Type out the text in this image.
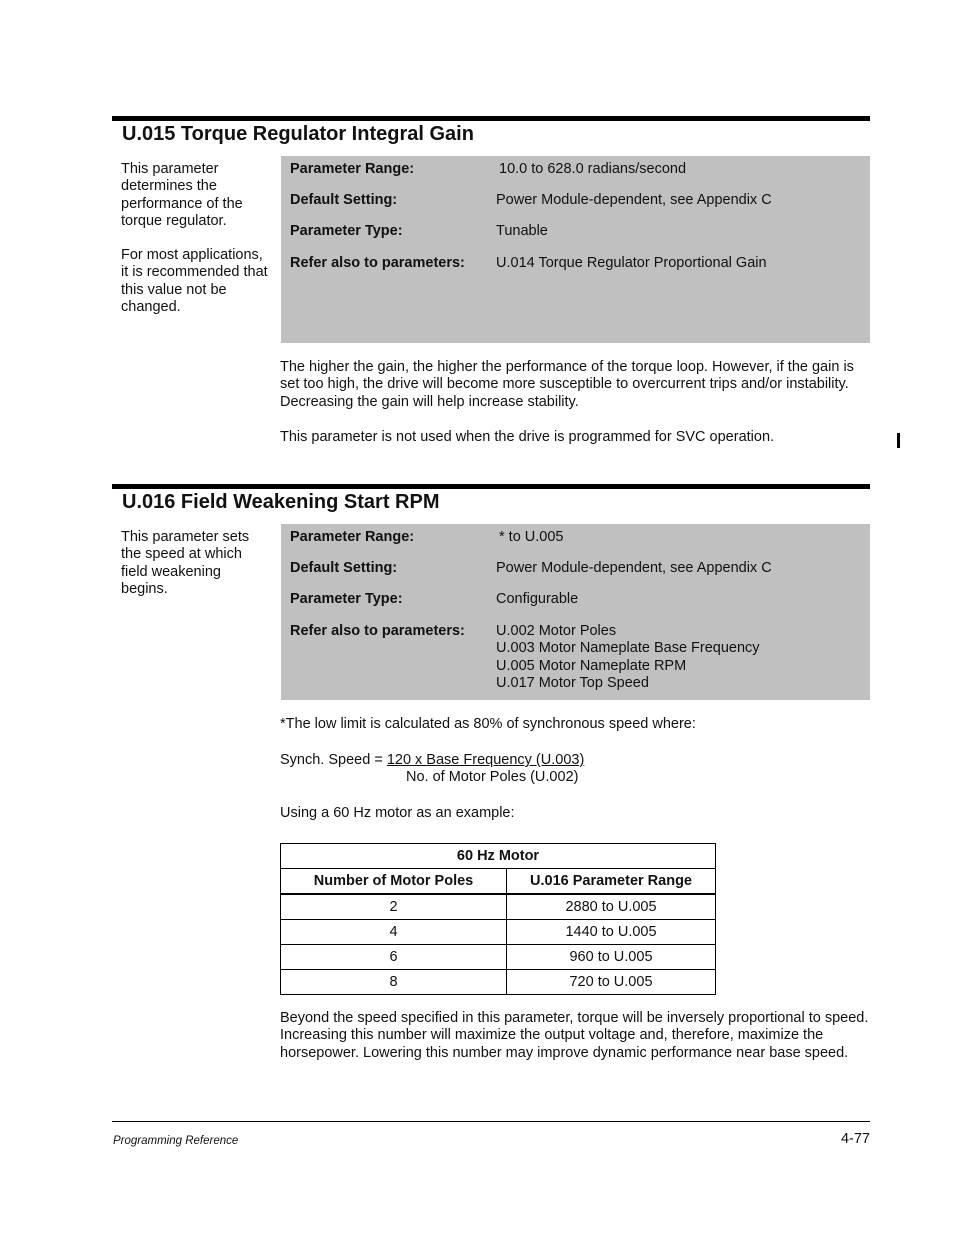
U.015 Torque Regulator Integral Gain

This parameter determines the performance of the torque regulator.

For most applications, it is recommended that this value not be changed.

Parameter Range:	10.0 to 628.0 radians/second
Default Setting:	Power Module-dependent, see Appendix C
Parameter Type:	Tunable
Refer also to parameters:	U.014 Torque Regulator Proportional Gain

The higher the gain, the higher the performance of the torque loop. However, if the gain is set too high, the drive will become more susceptible to overcurrent trips and/or instability. Decreasing the gain will help increase stability.

This parameter is not used when the drive is programmed for SVC operation.

U.016 Field Weakening Start RPM

This parameter sets the speed at which field weakening begins.

Parameter Range:	* to U.005
Default Setting:	Power Module-dependent, see Appendix C
Parameter Type:	Configurable
Refer also to parameters:	U.002 Motor Poles
U.003 Motor Nameplate Base Frequency
U.005 Motor Nameplate RPM
U.017 Motor Top Speed

*The low limit is calculated as 80% of synchronous speed where:

Synch. Speed = 120 x Base Frequency (U.003)
No. of Motor Poles (U.002)

Using a 60 Hz motor as an example:

60 Hz Motor	
Number of Motor Poles	U.016 Parameter Range
2	2880 to U.005
4	1440 to U.005
6	960 to U.005
8	720 to U.005

Beyond the speed specified in this parameter, torque will be inversely proportional to speed. Increasing this number will maximize the output voltage and, therefore, maximize the horsepower. Lowering this number may improve dynamic performance near base speed.

Programming Reference	4-77
